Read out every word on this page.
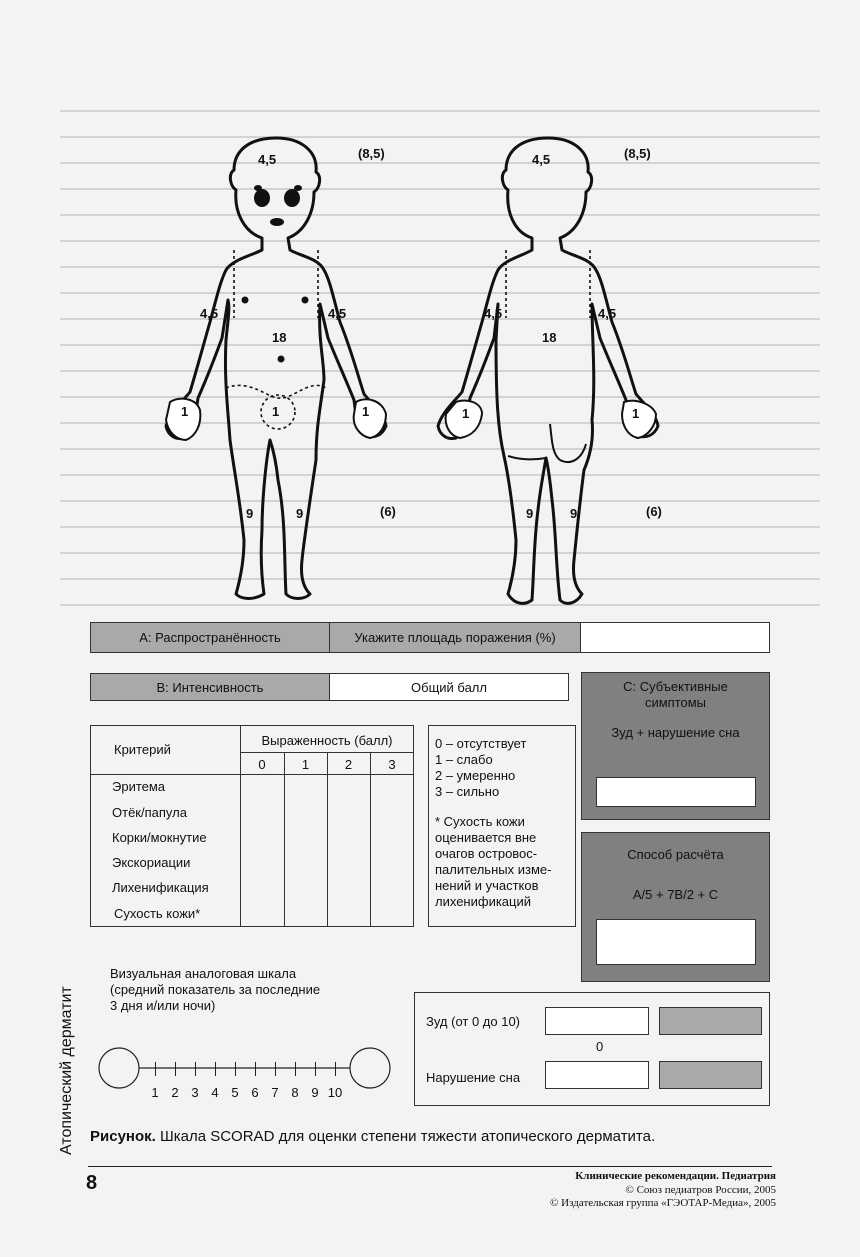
4,5	(8,5)
4,5	4,5
18
1
1	1
9	9	(6)
4,5	(8,5)
4,5	4,5
18
1	1
9	9	(6)
А: Распространённость	Укажите площадь поражения (%)
В: Интенсивность	Общий балл	С: Субъективные
симптомы
Зуд + нарушение сна
Способ расчёта
A/5 + 7B/2 + C
Критерий
Выраженность (балл)
0	1	2	3
Эритема
Отёк/папула
Корки/мокнутие
Экскориации
Лихенификация
Сухость кожи*
0 – отсутствует
1 – слабо
2 – умеренно
3 – сильно
* Сухость кожи
оценивается вне
очагов островос-
палительных изме-
нений и участков
лихенификаций
Визуальная аналоговая шкала
(средний показатель за последние
3 дня и/или ночи)
1 2 3 4 5 6 7 8 9 10
Зуд (от 0 до 10)
0
Нарушение сна
Рисунок. Шкала SCORAD для оценки степени тяжести атопического дерматита.
Атопический дерматит
8	Клинические рекомендации. Педиатрия
© Союз педиатров России, 2005
© Издательская группа «ГЭОТАР-Медиа», 2005
